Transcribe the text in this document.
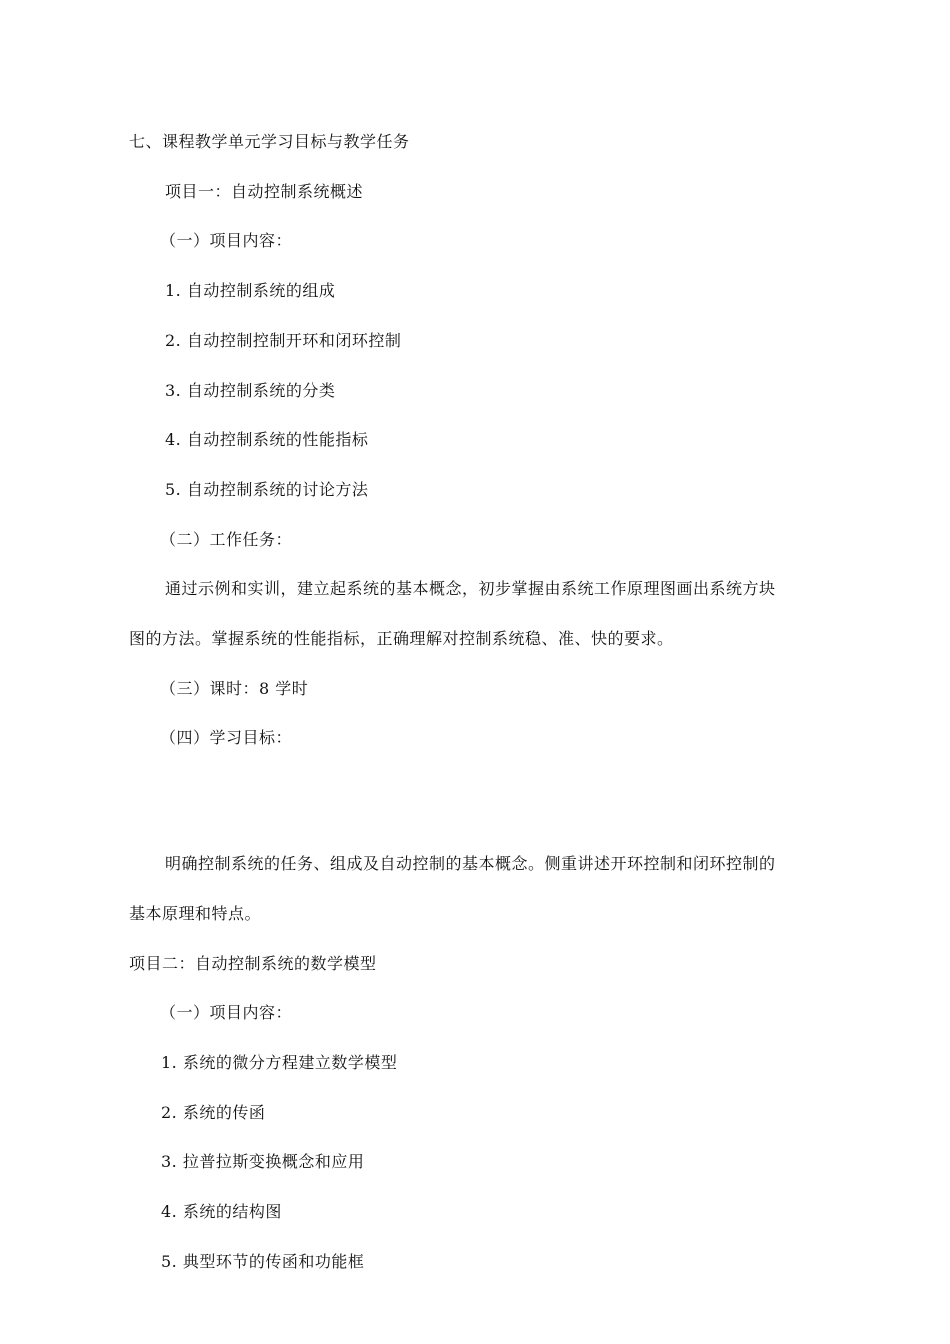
七、课程教学单元学习目标与教学任务
项目一：自动控制系统概述
（一）项目内容：
1. 自动控制系统的组成
2. 自动控制控制开环和闭环控制
3. 自动控制系统的分类
4. 自动控制系统的性能指标
5. 自动控制系统的讨论方法
（二）工作任务：
通过示例和实训，建立起系统的基本概念，初步掌握由系统工作原理图画出系统方块
图的方法。掌握系统的性能指标，正确理解对控制系统稳、准、快的要求。
（三）课时：8 学时
（四）学习目标：
明确控制系统的任务、组成及自动控制的基本概念。侧重讲述开环控制和闭环控制的
基本原理和特点。
项目二：自动控制系统的数学模型
（一）项目内容：
1. 系统的微分方程建立数学模型
2. 系统的传函
3. 拉普拉斯变换概念和应用
4. 系统的结构图
5. 典型环节的传函和功能框
